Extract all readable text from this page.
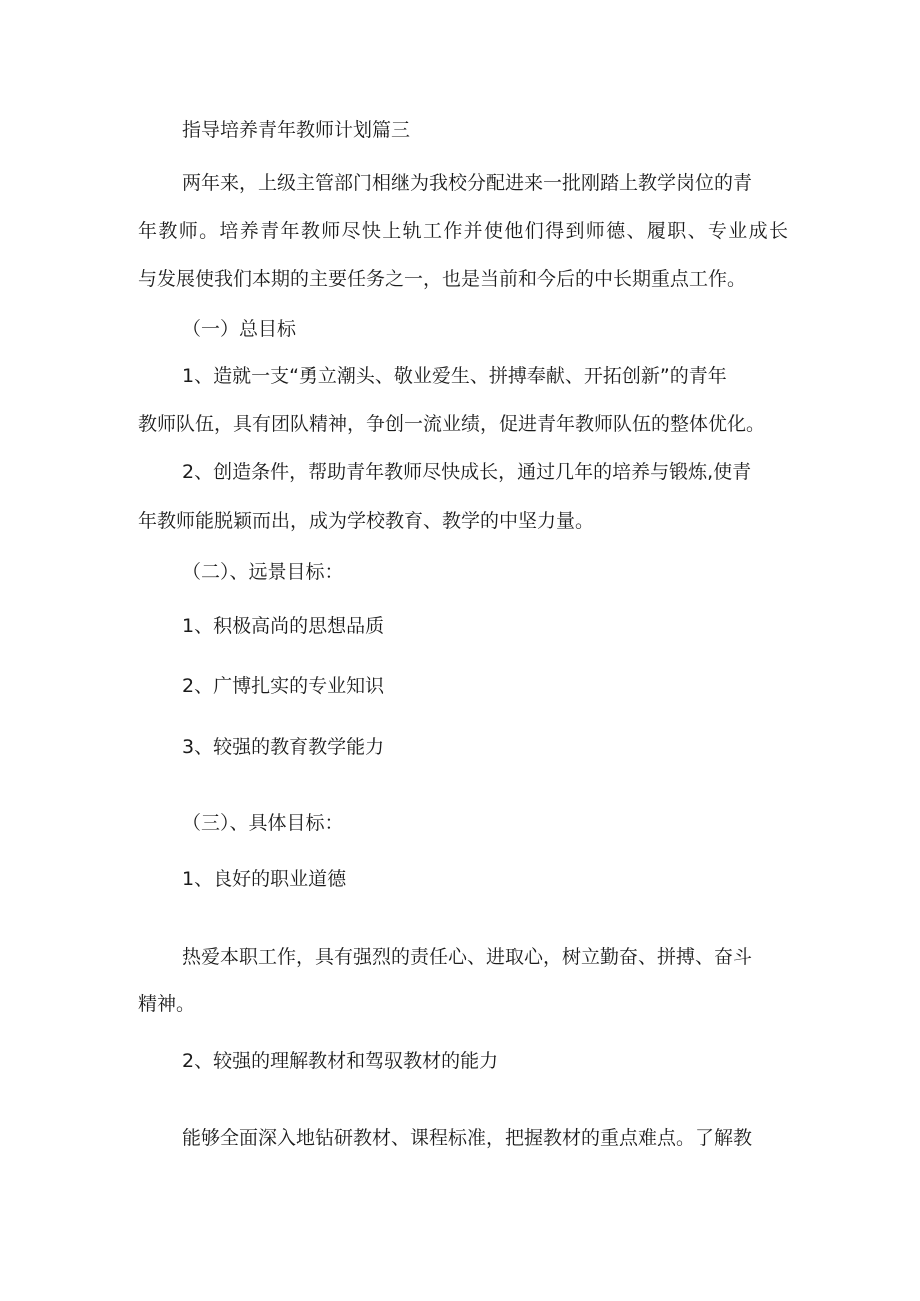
指导培养青年教师计划篇三

两年来，上级主管部门相继为我校分配进来一批刚踏上教学岗位的青

年教师。培养青年教师尽快上轨工作并使他们得到师德、履职、专业成长

与发展使我们本期的主要任务之一，也是当前和今后的中长期重点工作。

（一）总目标

1、造就一支“勇立潮头、敬业爱生、拼搏奉献、开拓创新”的青年

教师队伍，具有团队精神，争创一流业绩，促进青年教师队伍的整体优化。

2、创造条件，帮助青年教师尽快成长，通过几年的培养与锻炼,使青

年教师能脱颖而出，成为学校教育、教学的中坚力量。

（二）、远景目标：

1、积极高尚的思想品质

2、广博扎实的专业知识

3、较强的教育教学能力

（三）、具体目标：

1、良好的职业道德

热爱本职工作，具有强烈的责任心、进取心，树立勤奋、拼搏、奋斗

精神。

2、较强的理解教材和驾驭教材的能力

能够全面深入地钻研教材、课程标准，把握教材的重点难点。了解教
